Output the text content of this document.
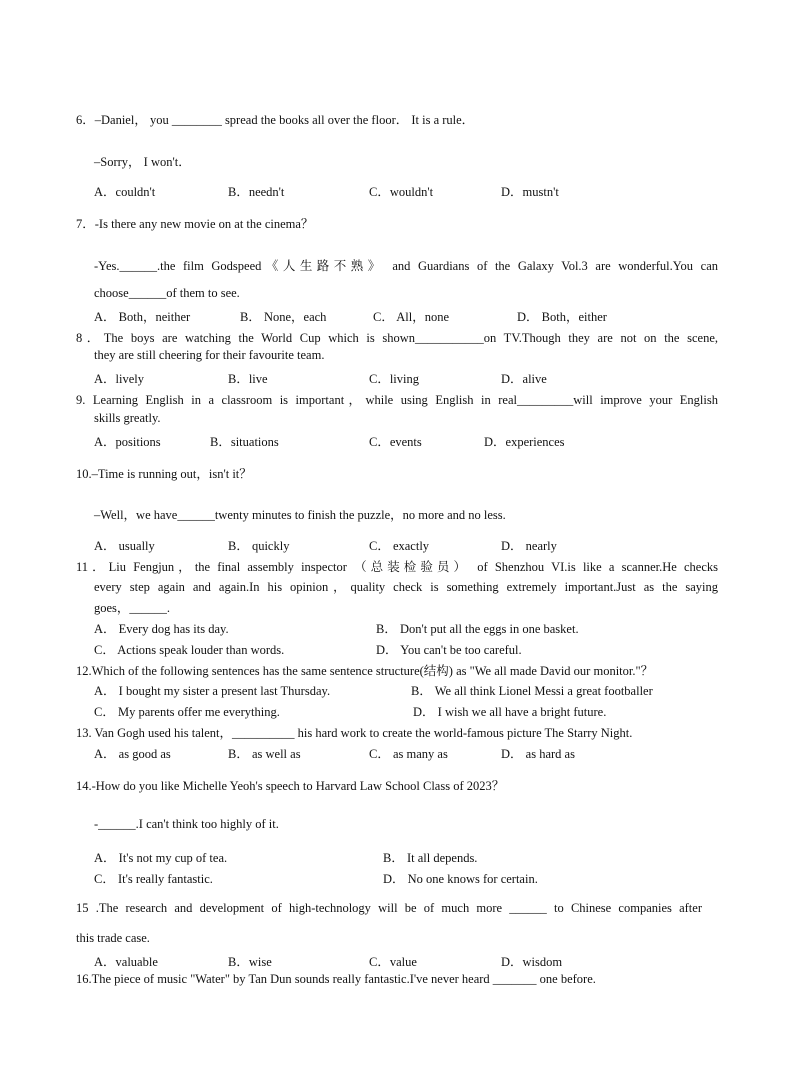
6．–Daniel， you ________ spread the books all over the floor． It is a rule．
–Sorry， I won't．
A．couldn't	B．needn't	C．wouldn't	D．mustn't
7．-Is there any new movie on at the cinema？
-Yes.______.the film Godspeed《人生路不熟》 and Guardians of the Galaxy Vol.3 are wonderful.You can
choose______of them to see.
A． Both，neither	B． None，each	C． All，none	D． Both，either
8．The boys are watching the World Cup which is shown___________on TV.Though they are not on the scene,
they are still cheering for their favourite team.
A．lively	B．live	C．living	D．alive
9. Learning English in a classroom is important，while using English in real_________will improve your English
skills greatly.
A．positions	B．situations	C．events	D．experiences
10.–Time is running out，isn't it？
–Well，we have______twenty minutes to finish the puzzle，no more and no less.
A． usually	B． quickly	C． exactly	D． nearly
11．Liu Fengjun，the final assembly inspector （总装检验员） of Shenzhou VI.is like a scanner.He checks
every step again and again.In his opinion，quality check is something extremely important.Just as the saying
goes，______.
A． Every dog has its day.	B． Don't put all the eggs in one basket.
C． Actions speak louder than words.	D． You can't be too careful.
12.Which of the following sentences has the same sentence structure(结构) as "We all made David our monitor."？
A． I bought my sister a present last Thursday.	B． We all think Lionel Messi a great footballer
C． My parents offer me everything.	D． I wish we all have a bright future.
13. Van Gogh used his talent，__________ his hard work to create the world-famous picture The Starry Night.
A． as good as	B． as well as	C． as many as	D． as hard as
14.-How do you like Michelle Yeoh's speech to Harvard Law School Class of 2023？
-______.I can't think too highly of it.
A． It's not my cup of tea.	B． It all depends.
C． It's really fantastic.	D． No one knows for certain.
15 .The research and development of high-technology will be of much more ______ to Chinese companies after
this trade case.
A．valuable	B．wise	C．value	D．wisdom
16.The piece of music "Water" by Tan Dun sounds really fantastic.I've never heard _______ one before.
